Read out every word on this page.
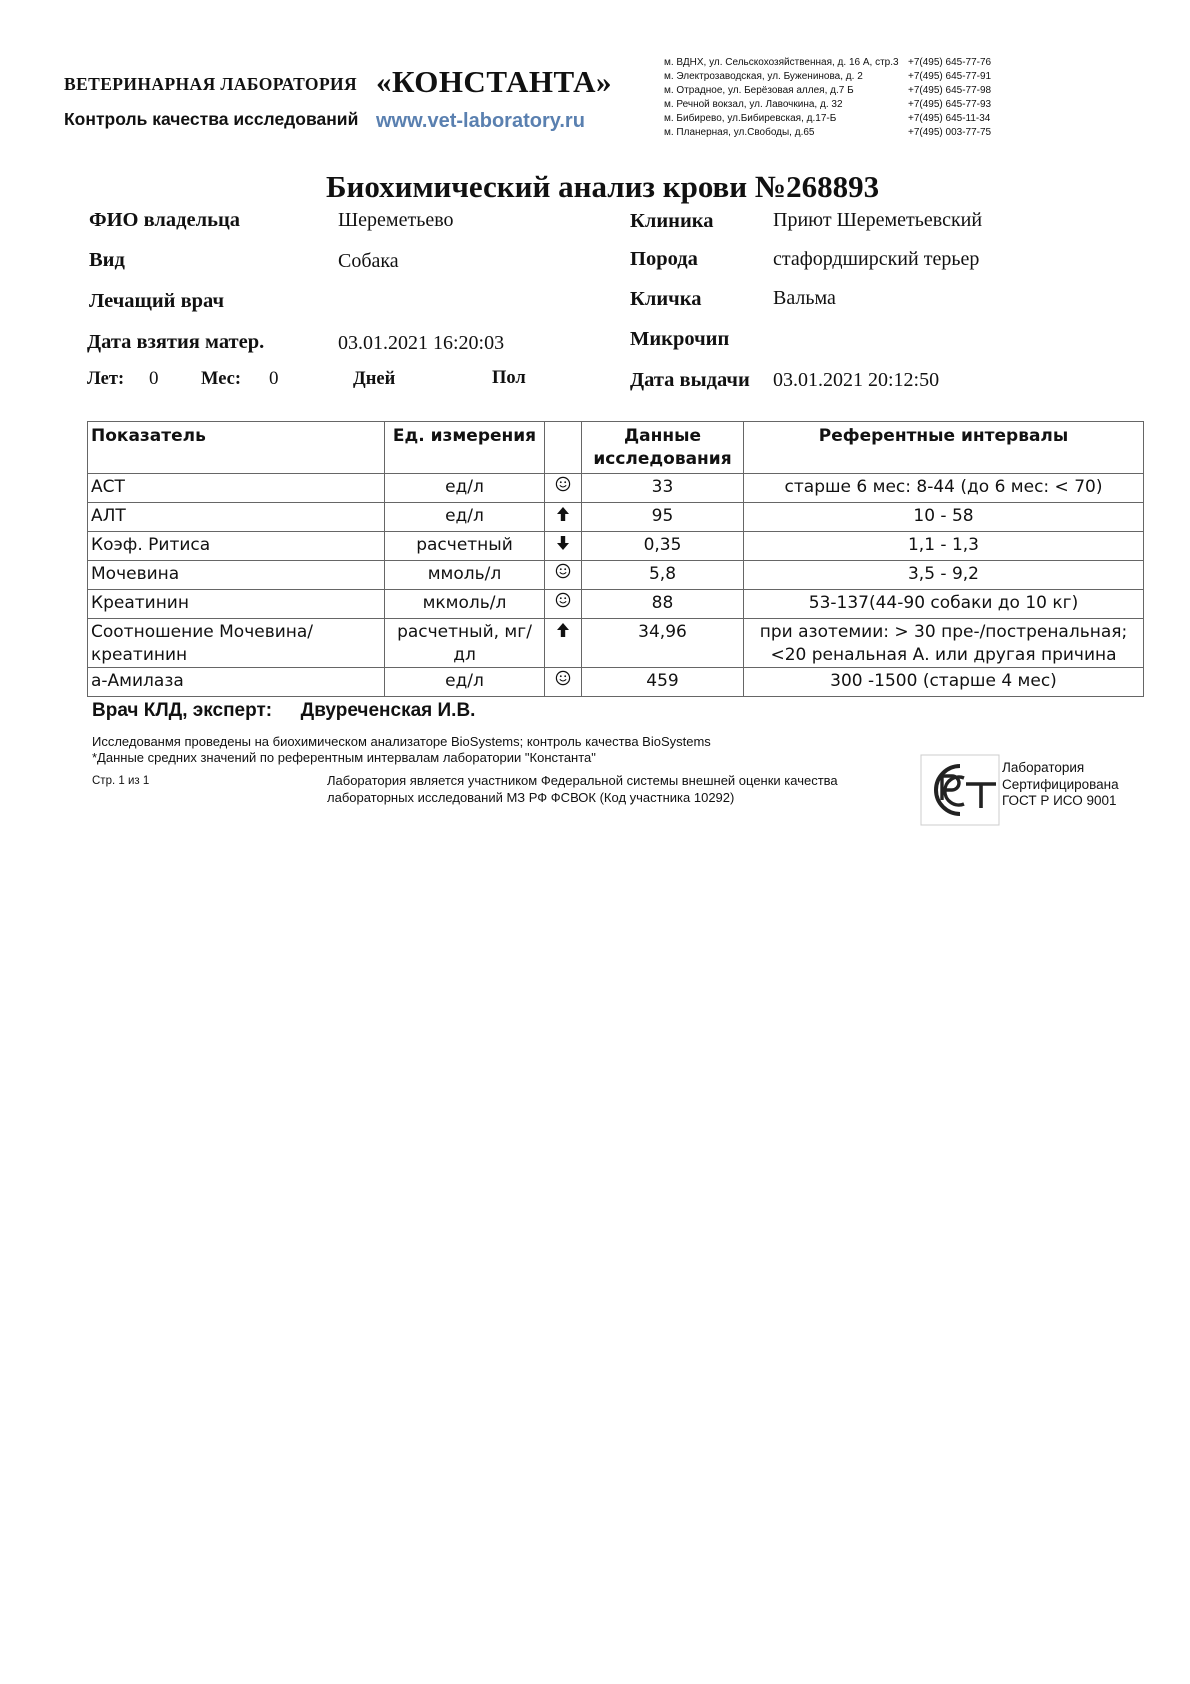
ВЕТЕРИНАРНАЯ ЛАБОРАТОРИЯ «КОНСТАНТА»
Контроль качества исследований www.vet-laboratory.ru
м. ВДНХ, ул. Сельскохозяйственная, д. 16 А, стр.3 +7(495) 645-77-76
м. Электрозаводская, ул. Буженинова, д. 2	+7(495) 645-77-91
м. Отрадное, ул. Берёзовая аллея, д.7 Б	+7(495) 645-77-98
м. Речной вокзал, ул. Лавочкина, д. 32	+7(495) 645-77-93
м. Бибирево, ул.Бибиревская, д.17-Б	+7(495) 645-11-34
м. Планерная, ул.Свободы, д.65	+7(495) 003-77-75
Биохимический анализ крови №268893
ФИО владельца	Шереметьево
Вид	Собака
Лечащий врач
Дата взятия матер.	03.01.2021 16:20:03
Лет: 0 Мес: 0	Дней	Пол
Клиника	Приют Шереметьевский
Порода	стафордширский терьер
Кличка	Вальма
Микрочип
Дата выдачи 03.01.2021 20:12:50
Показатель	Ед. измерения		Данные исследования	Референтные интервалы
АСТ	ед/л		33	старше 6 мес: 8-44 (до 6 мес: < 70)
АЛТ	ед/л		95	10 - 58
Коэф. Ритиса	расчетный		0,35	1,1 - 1,3
Мочевина	ммоль/л		5,8	3,5 - 9,2
Креатинин	мкмоль/л		88	53-137(44-90 собаки до 10 кг)
Соотношение Мочевина/креатинин	расчетный, мг/дл		34,96	при азотемии: > 30 пре-/постренальная; <20 ренальная А. или другая причина
а-Амилаза	ед/л		459	300 -1500 (старше 4 мес)
Врач КЛД, эксперт: Двуреченская И.В.
Исследованмя проведены на биохимическом анализаторе BioSystems; контроль качества BioSystems
*Данные средних значений по референтным интервалам лаборатории "Константа"
Стр. 1 из 1	Лаборатория является участником Федеральной системы внешней оценки качества лабораторных исследований МЗ РФ ФСВОК (Код участника 10292)
Лаборатория
Сертифицирована
ГОСТ Р ИСО 9001
